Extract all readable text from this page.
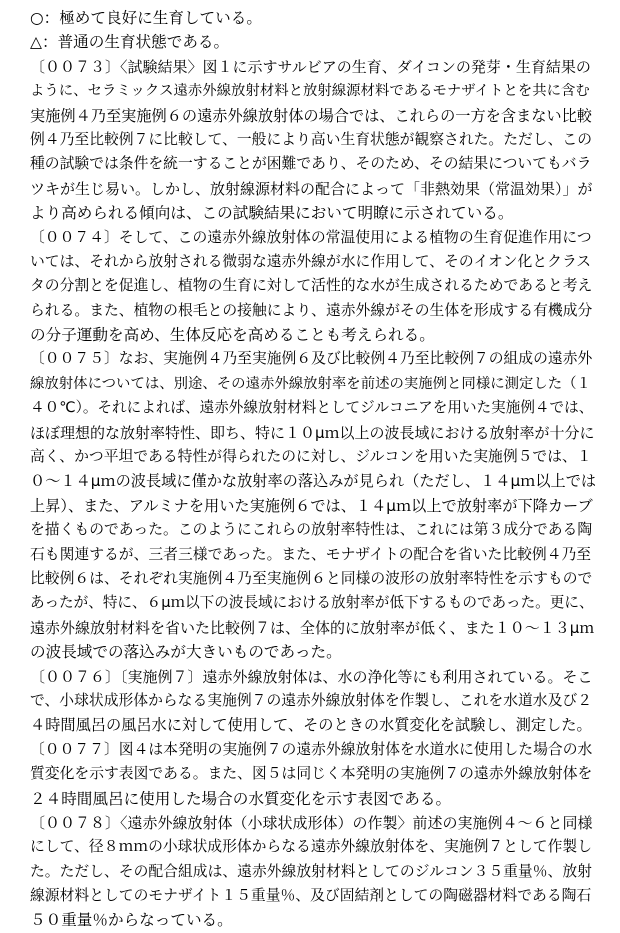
○：極めて良好に生育している。
△：普通の生育状態である。
〔００７３〕〈試験結果〉図１に示すサルビアの生育、ダイコンの発芽・生育結果の
ように、セラミックス遠赤外線放射材料と放射線源材料であるモナザイトとを共に含む
実施例４乃至実施例６の遠赤外線放射体の場合では、これらの一方を含まない比較
例４乃至比較例７に比較して、一般により高い生育状態が観察された。ただし、この
種の試験では条件を統一することが困難であり、そのため、その結果についてもバラ
ツキが生じ易い。しかし、放射線源材料の配合によって「非熱効果（常温効果）」が
より高められる傾向は、この試験結果において明瞭に示されている。
〔００７４〕そして、この遠赤外線放射体の常温使用による植物の生育促進作用につ
いては、それから放射される微弱な遠赤外線が水に作用して、そのイオン化とクラス
タの分割とを促進し、植物の生育に対して活性的な水が生成されるためであると考え
られる。また、植物の根毛との接触により、遠赤外線がその生体を形成する有機成分
の分子運動を高め、生体反応を高めることも考えられる。
〔００７５〕なお、実施例４乃至実施例６及び比較例４乃至比較例７の組成の遠赤外
線放射体については、別途、その遠赤外線放射率を前述の実施例と同様に測定した（１
４０℃）。それによれば、遠赤外線放射材料としてジルコニアを用いた実施例４では、
ほぼ理想的な放射率特性、即ち、特に１０μｍ以上の波長域における放射率が十分に
高く、かつ平坦である特性が得られたのに対し、ジルコンを用いた実施例５では、１
０～１４μｍの波長域に僅かな放射率の落込みが見られ（ただし、１４μｍ以上では
上昇）、また、アルミナを用いた実施例６では、１４μｍ以上で放射率が下降カーブ
を描くものであった。このようにこれらの放射率特性は、これには第３成分である陶
石も関連するが、三者三様であった。また、モナザイトの配合を省いた比較例４乃至
比較例６は、それぞれ実施例４乃至実施例６と同様の波形の放射率特性を示すもので
あったが、特に、６μｍ以下の波長域における放射率が低下するものであった。更に、
遠赤外線放射材料を省いた比較例７は、全体的に放射率が低く、また１０～１３μｍ
の波長域での落込みが大きいものであった。
〔００７６〕〔実施例７〕遠赤外線放射体は、水の浄化等にも利用されている。そこ
で、小球状成形体からなる実施例７の遠赤外線放射体を作製し、これを水道水及び２
４時間風呂の風呂水に対して使用して、そのときの水質変化を試験し、測定した。
〔００７７〕図４は本発明の実施例７の遠赤外線放射体を水道水に使用した場合の水
質変化を示す表図である。また、図５は同じく本発明の実施例７の遠赤外線放射体を
２４時間風呂に使用した場合の水質変化を示す表図である。
〔００７８〕〈遠赤外線放射体（小球状成形体）の作製〉前述の実施例４～６と同様
にして、径８ｍｍの小球状成形体からなる遠赤外線放射体を、実施例７として作製し
た。ただし、その配合組成は、遠赤外線放射材料としてのジルコン３５重量％、放射
線源材料としてのモナザイト１５重量％、及び固結剤としての陶磁器材料である陶石
５０重量％からなっている。
